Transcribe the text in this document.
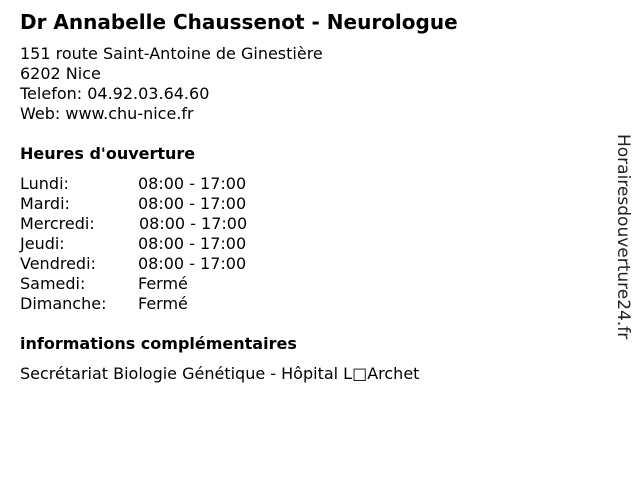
Dr Annabelle Chaussenot - Neurologue
151 route Saint-Antoine de Ginestière
6202 Nice
Telefon: 04.92.03.64.60
Web: www.chu-nice.fr
Heures d'ouverture
Lundi:	08:00 - 17:00
Mardi:	08:00 - 17:00
Mercredi:	08:00 - 17:00
Jeudi:	08:00 - 17:00
Vendredi:	08:00 - 17:00
Samedi:	Fermé
Dimanche: Fermé
informations complémentaires
Secrétariat Biologie Génétique - Hôpital L□Archet
Horairesdouverture24.fr
